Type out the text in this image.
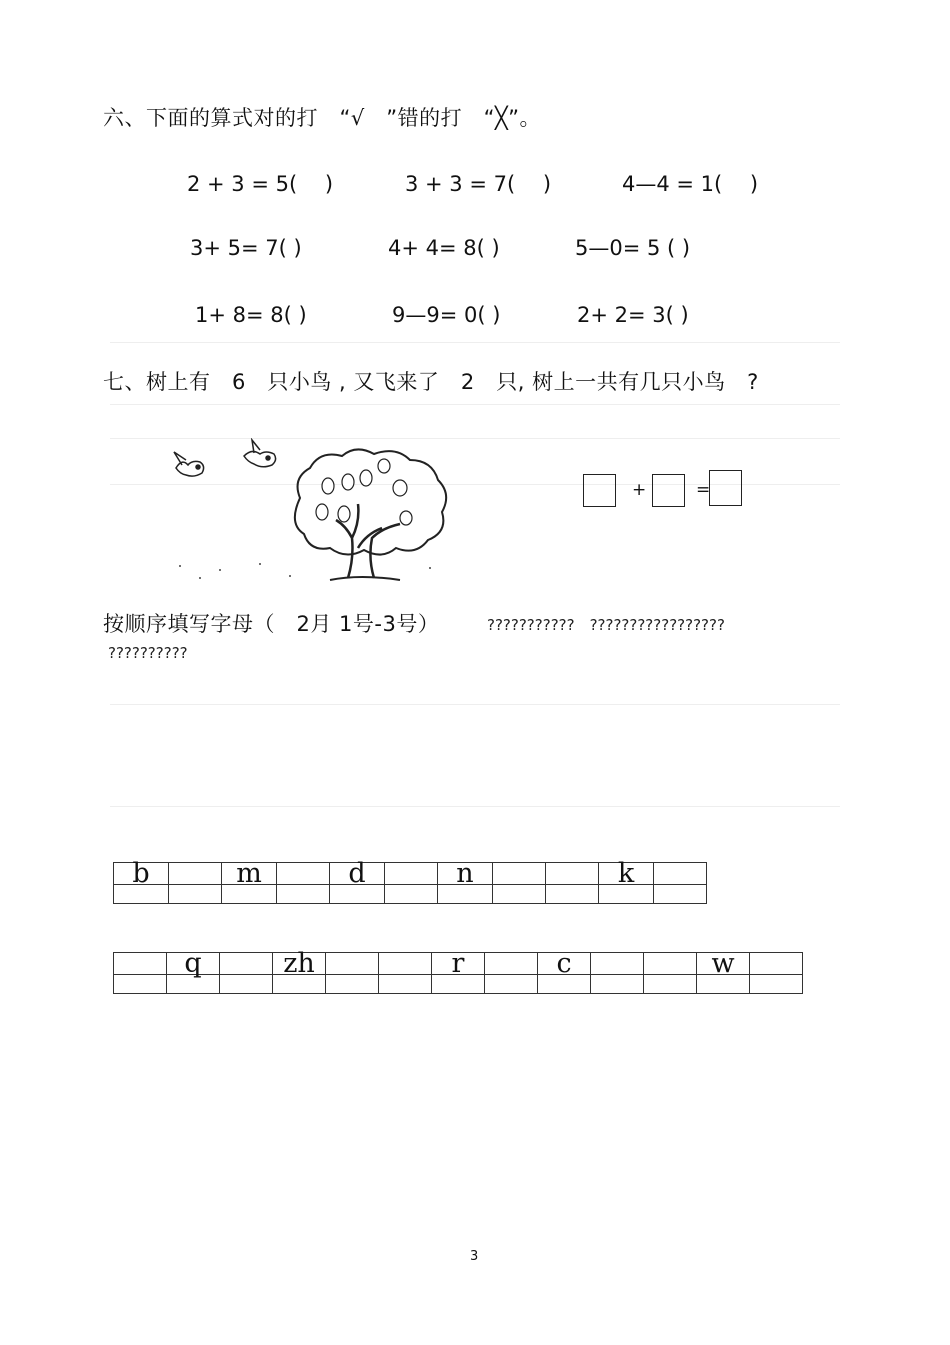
六、下面的算式对的打　“√　”错的打　“╳”。
2 + 3 = 5(　 )	3 + 3 = 7(　 )	4—4 = 1(　 )
3+ 5= 7( )	4+ 4= 8( )	5—0= 5 ( )
1+ 8= 8( )	9—9= 0( )	2+ 2= 3( )
七、树上有　6　只小鸟 , 又飞来了　2　只, 树上一共有几只小鸟　?
+	=
按顺序填写字母（　2月 1号-3号）	???????????　?????????????????
??????????
b		m		d		n			k	

	q		zh			r		c			w	

3
